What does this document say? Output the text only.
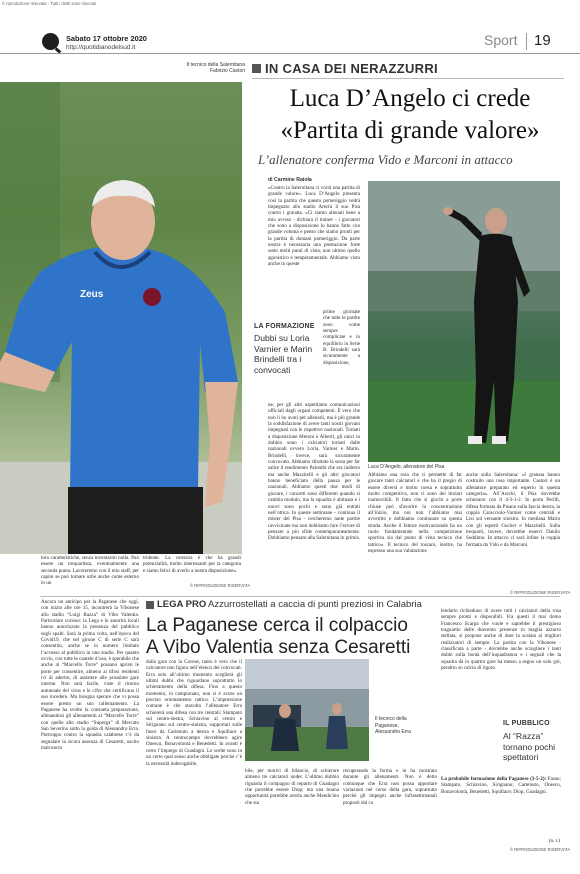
© riproduzione riservata - Tutti i diritti sono riservati
Sabato 17 ottobre 2020
http://quotidianodelsud.it	Sport 19
Il tecnico della Salernitana Fabrizio Castori
Zeus
loro caratteristiche, senza inventarmi nulla. Può essere un trequartista, eventualmente una seconda punta. Lavoreremo con il mio staff, per capire se può tornare utile anche come esterno in un
tridente. La certezza è che ha grandi potenzialità, molto interessanti per la categoria e siamo felici di averlo a nostra disposizione».
© RIPRODUZIONE RISERVATA
IN CASA DEI NERAZZURRI
Luca D’Angelo ci crede
«Partita di grande valore»
L’allenatore conferma Vido e Marconi in attacco
di Carmine Raiola
«Contro la Salernitana ci vorrà una partita di grande valore». Luca D’Angelo presenta così la partita che questo pomeriggio vedrà impegnato allo stadio Arechi il suo Pisa contro i granata. «Ci siamo allenati bene a mio avviso - dichiara il trainer - i giocatori che sono a disposizione lo hanno fatto con grande volontà e penso che siamo pronti per la partita di domani pomeriggio. Da parte nostra è necessaria una prestazione forte sotto molti punti di vista, non ultimo quello agonistico e temperamentale. Abbiamo visto anche in queste
LA FORMAZIONE
Dubbi su Loria Varnier e Marin Brindelli tra i convocati
prime giornate che tutte le partite sono come sempre complicate e in equilibrio in Serie B. Brindelli sarà sicuramente a disposizione,
ne, per gli altri aspettiamo comunicazioni ufficiali dagli organi competenti. È vero che non li ho avuti per allenarli, ma è più grande la soddisfazione di avere tanti nostri giovani impegnati con le rispettive nazionali. Tornati a disposizione Meroni e Alberti, gli unici in dubbio sono i calciatori tornati dalle nazionali ovvero Loria, Varnier e Marin. Brindelli, invece, sarà sicuramente convocato. Abbiamo sfruttato la sosta per far salire il rendimento Palombi che era indietro ma anche Mazzitelli e gli altri giocatori hanno beneficiato della pausa per le nazionali. Abbiamo questi due modi di giocare, i concetti sono differenti quando si cambia modulo, ma la squadra è abituata e i nuovi sono pochi e sono già entrati nell’ottica. In queste settimane - continua il mister del Pisa - cercheremo tante partite ravvicinate ma non dobbiamo fare l’errore di pensare a più sfide contemporaneamente. Dobbiamo pensare alla Salernitana in primis.
Luca D’Angelo, allenatore del Pisa
Abbiamo una rosa che ci permette di far giocare tanti calciatori e che ha il pregio di essere diversi e molto coesa e soprattutto molto competitiva, non ci sono dei titolari inamovibili. Il fatto che si giochi a porte chiuse può sfavorire la concentrazione all’inizio, ma noi non l’abbiamo mai avvertito e dobbiamo continuare su questa strada. Anche il fattore motivazionale ha un ruolo fondamentale nella competizione sportiva sia dal punto di vista tecnico che tattico». Il tecnico del toscani, inoltre, ha espresso una sua valutazione
anche sulla Salernitana: «I granata hanno costruito una rosa importante. Castori è un allenatore preparato ed esperto in questa categoria». All’Arechi, il Pisa dovrebbe schierarsi con il 4-3-1-2. In porta Perilli, difesa formata da Pisano sulla fascia destra, la coppia Caracciolo-Varnier come centrali e Lisi sul versante sinistro. In mediana Marin con gli esperti Gucher e Mazzitelli. Sulla trequarti, invece, dovrebbe esserci Danilo Soddimo. In attacco ci sarà infine la coppia formata da Vido e da Marconi.
© RIPRODUZIONE RISERVATA
Ancora un anticipo per la Paganese che oggi, con inizio alle ore 15, incontrerà la Vibonese allo stadio “Luigi Razza” di Vibo Valentia. Particolare curioso: la Lega e le autorità locali hanno autorizzato la presenza del pubblico sugli spalti. Sarà la prima volta, nell’epoca del Covid19, che nel girone C di serie C sarà consentito, anche se in numero limitato l’accesso al pubblico in uno stadio. Per quanto ovvio, con tutte le cautele d’uso, è sperabile che anche al “Marcello Torre” possano aprirsi le porte per consentire, almeno ai tifosi residenti ivi di aderire, di assistere alle prossime gare interne. Non sarà facile, viste il ritorno autunnale del virus e le cifre che certificano il suo incedere. Ma bisogna sperare che vi possa essere presto un suo rallentamento. La Paganese ha svolto la consueta preparazione, allenandosi gli allenamenti al “Marcello Torre” con quelle allo stadio “Superga” di Mercato San Severino sotto la guida di Alessandro Erra. Purtroppo contro la squadra calabrese c’è da segnalare la sicura assenza di Cesaretti, uscito malconcio
LEGA PRO Azzurrostellati a caccia di punti preziosi in Calabria
La Paganese cerca il colpaccio
A Vibo Valentia senza Cesaretti
dalla gara con la Cavese, tanto è vero che il calciatore non figura nell’elenco dei convocati. Erra solo all’ultimo momento sceglierà gli ultimi dubbi che riguardano soprattutto lo schieramento della difesa. Fino a questo momento, in campionato, non si è avuto un preciso orientamento tattico. L’impressione comune è che stavolta l’allenatore Erra schiererà una difesa con tre centrali: Stampato sul centro-destra, Schiavino al centro e Sirignano sul centro-sinistra, supportati sulle fasce da Cartenuto a destra e Squillace a sinistra. A centrocampo dovrebbero agire Onescu, Bonavolontà e Benedetti. In avanti è certo l’impiego di Guadagni. Le scelte sono in un certo qual senso anche obbligate perché c’è la necessità inderogabile,
Il tecnico della Paganese, Alessandro Erra
bile, per motivi di bilancio, di schierare almeno tre calciatori under. L’ultimo dubbio riguarda il compagno di reparto di Guadagni che potrebbe essere Diop; ma una buona opportunità potrebbe averla anche Mendicino che sta
recuperando la forma e in ha mostrato durante gli allenamenti. Non è detto comunque che Erra non possa apportare variazioni nel corso della gara, soprattutto perché gli impegni anche infrasettimanali proposti dal ca
lendario richiedono di avere tutti i calciatori della rosa sempre pronti e disponibili. Fra questi il mai domo Francesco Scarpa che vuole e saprebbe il prestigioso traguardo delle duecento presenze in maglia azzurro stellata, si propone anche di dare la scalata ai migliori realizzatori di sempre. La partita con la Vibonese - classificata a parte - dovrebbe anche sciogliere i tanti dubbi sulla bontà dell’inquadratura e i segnali che la squadra dà in quattro gare ha messo a segno un solo gol, peraltro su calcio di rigore.
IL PUBBLICO
Al “Razza” tornano pochi spettatori
La probabile formazione della Paganese (3-5-2): Fasan; Stampato, Schiavino, Sirignano; Cartenuto, Onescu, Bonavolontà, Benedetti, Squillace; Diop, Guadagni.
(n. r.)
© RIPRODUZIONE RISERVATA
